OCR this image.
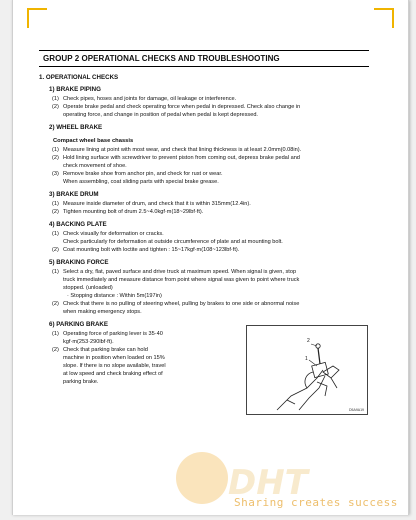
GROUP 2 OPERATIONAL CHECKS AND TROUBLESHOOTING
1. OPERATIONAL CHECKS
1) BRAKE PIPING
(1) Check pipes, hoses and joints for damage, oil leakage or interference.
(2) Operate brake pedal and check operating force when pedal in depressed. Check also change in
operating force, and change in position of pedal when pedal is kept depressed.
2) WHEEL BRAKE
Compact wheel base chassis
(1) Measure lining at point with most wear, and check that lining thickness is at least 2.0mm(0.08in).
(2) Hold lining surface with screwdriver to prevent piston from coming out, depress brake pedal and
check movement of shoe.
(3) Remove brake shoe from anchor pin, and check for rust or wear.
When assembling, coat sliding parts with special brake grease.
3) BRAKE DRUM
(1) Measure inside diameter of drum, and check that it is within 315mm(12.4in).
(2) Tighten mounting bolt of drum 2.5~4.0kgf·m(18~29lbf·ft).
4) BACKING PLATE
(1) Check visually for deformation or cracks.
Check particularly for deformation at outside circumference of plate and at mounting bolt.
(2) Coat mounting bolt with loctite and tighten : 15~17kgf·m(108~123lbf·ft).
5) BRAKING FORCE
(1) Select a dry, flat, paved surface and drive truck at maximum speed. When signal is given, stop
truck immediately and measure distance from point where signal was given to point where truck
stopped. (unloaded)
· Stopping distance : Within 5m(197in)
(2) Check that there is no pulling of steering wheel, pulling by brakes to one side or abnormal noise
when making emergency stops.
6) PARKING BRAKE
(1) Operating force of parking lever is 35·40
kgf·m(253·290lbf·ft).
(2) Check that parking brake can hold
machine in position when loaded on 15%
slope. If there is no slope available, travel
at low speed and check braking effect of
parking brake.
2
1
D5A9A19
DHT
Sharing creates success
